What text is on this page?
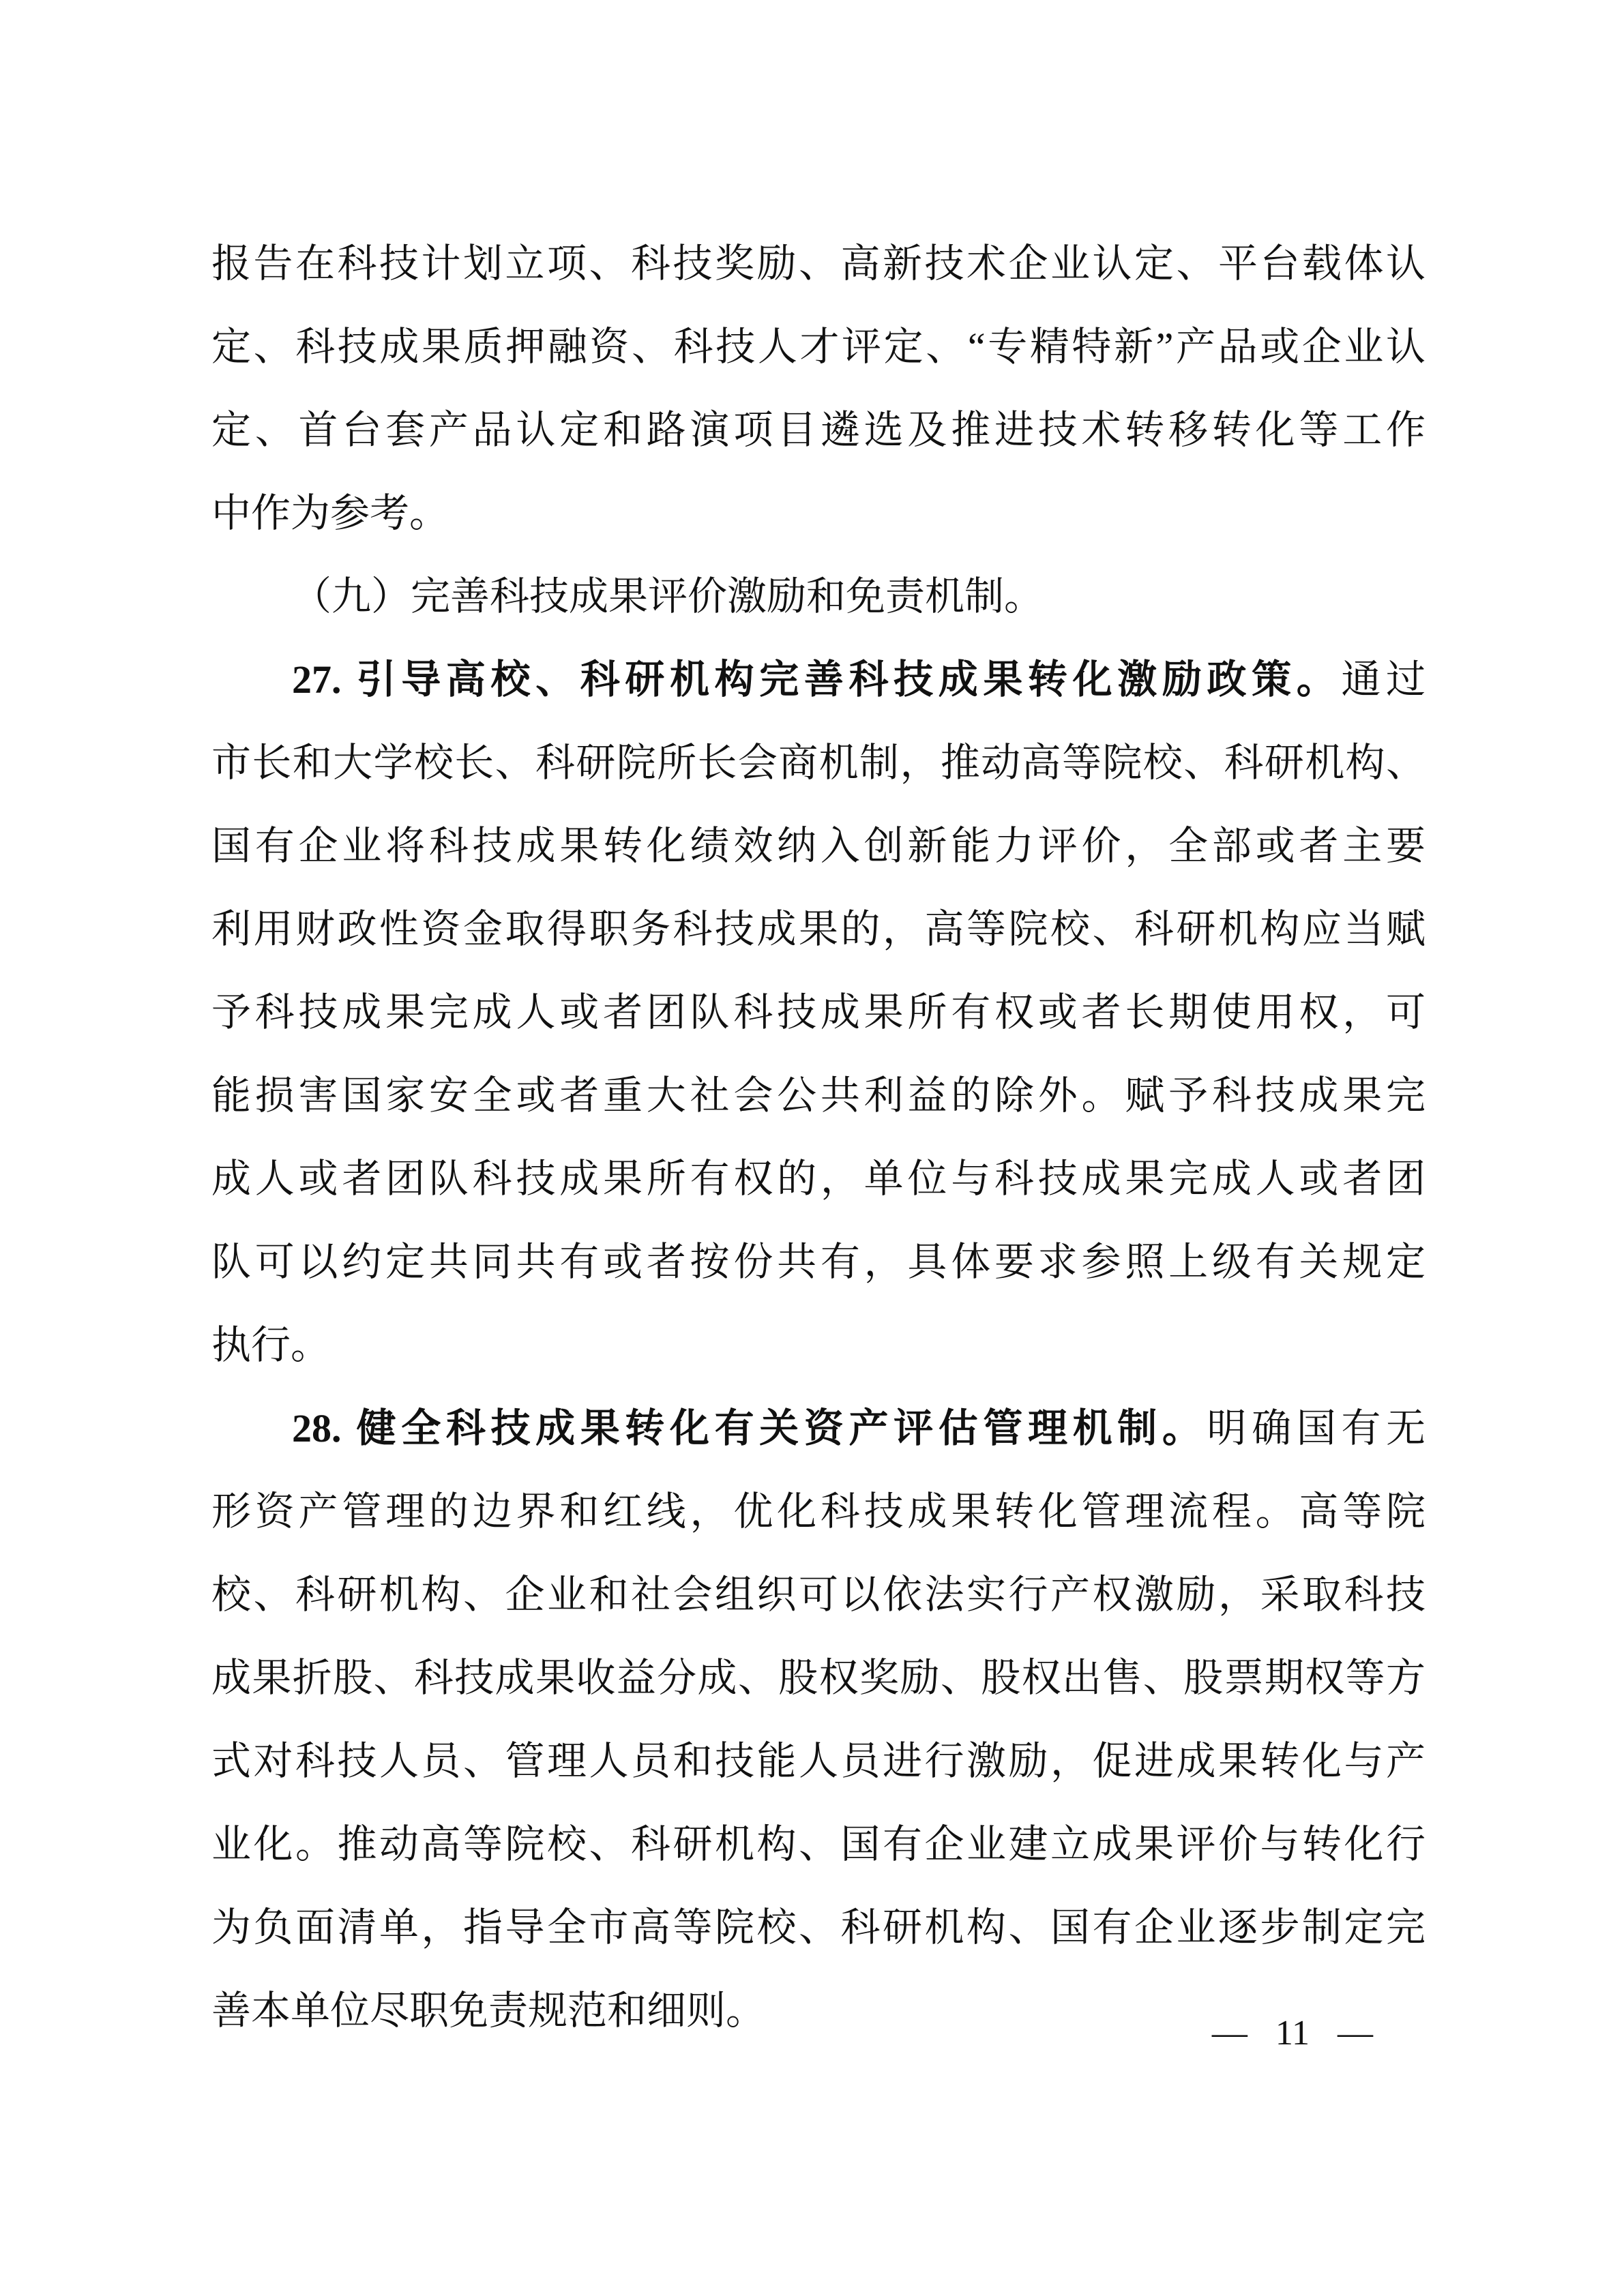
报告在科技计划立项、科技奖励、高新技术企业认定、平台载体认
定、科技成果质押融资、科技人才评定、“专精特新”产品或企业认
定、首台套产品认定和路演项目遴选及推进技术转移转化等工作
中作为参考。
（九）完善科技成果评价激励和免责机制。
27. 引导高校、科研机构完善科技成果转化激励政策。通过
市长和大学校长、科研院所长会商机制，推动高等院校、科研机构、
国有企业将科技成果转化绩效纳入创新能力评价，全部或者主要
利用财政性资金取得职务科技成果的，高等院校、科研机构应当赋
予科技成果完成人或者团队科技成果所有权或者长期使用权，可
能损害国家安全或者重大社会公共利益的除外。赋予科技成果完
成人或者团队科技成果所有权的，单位与科技成果完成人或者团
队可以约定共同共有或者按份共有，具体要求参照上级有关规定
执行。
28. 健全科技成果转化有关资产评估管理机制。明确国有无
形资产管理的边界和红线，优化科技成果转化管理流程。高等院
校、科研机构、企业和社会组织可以依法实行产权激励，采取科技
成果折股、科技成果收益分成、股权奖励、股权出售、股票期权等方
式对科技人员、管理人员和技能人员进行激励，促进成果转化与产
业化。推动高等院校、科研机构、国有企业建立成果评价与转化行
为负面清单，指导全市高等院校、科研机构、国有企业逐步制定完
善本单位尽职免责规范和细则。
— 11 —
